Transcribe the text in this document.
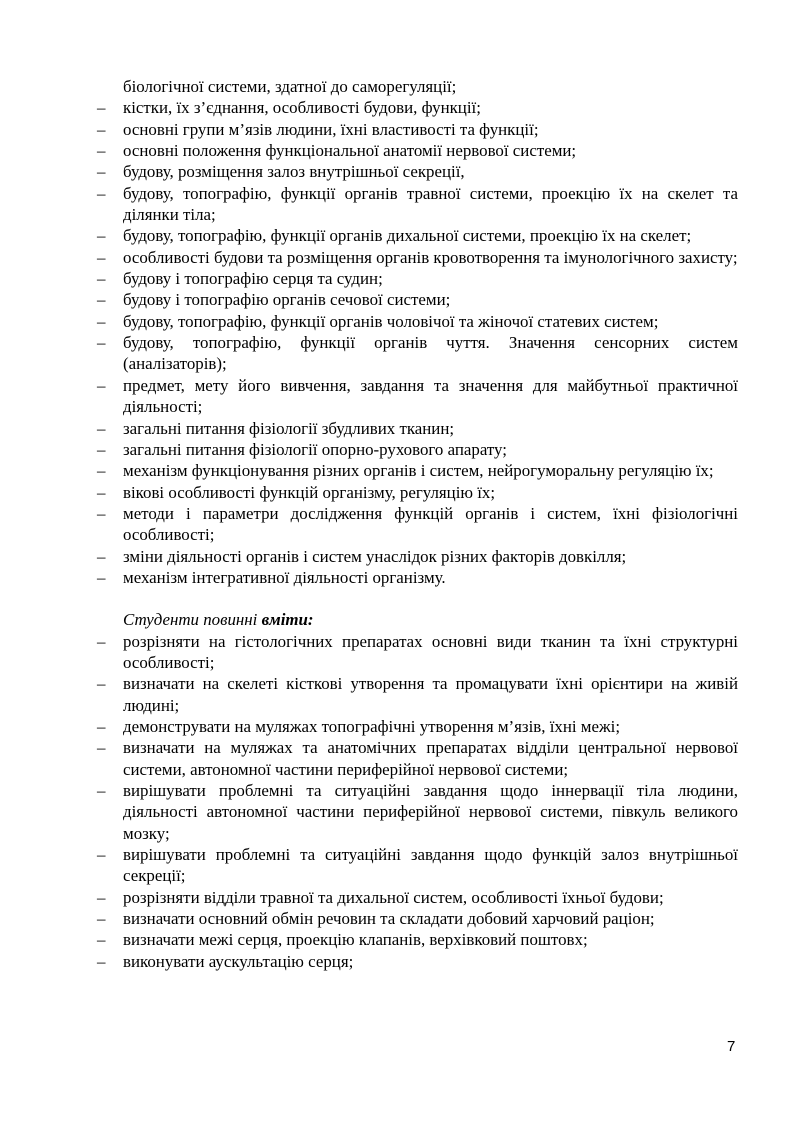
біологічної системи, здатної до саморегуляції;
– кістки, їх з’єднання, особливості будови, функції;
– основні групи м’язів людини, їхні властивості та функції;
– основні положення функціональної анатомії нервової системи;
– будову, розміщення залоз внутрішньої секреції,
– будову, топографію, функції органів травної системи, проекцію їх на скелет та ділянки тіла;
– будову, топографію, функції органів дихальної системи, проекцію їх на скелет;
– особливості будови та розміщення органів кровотворення та імунологічного захисту;
– будову і топографію серця та судин;
– будову і топографію органів сечової системи;
– будову, топографію, функції органів чоловічої та жіночої статевих систем;
– будову, топографію, функції органів чуття. Значення сенсорних систем (аналізаторів);
– предмет, мету його вивчення, завдання та значення для майбутньої практичної діяльності;
– загальні питання фізіології збудливих тканин;
– загальні питання фізіології опорно-рухового апарату;
– механізм функціонування різних органів і систем, нейрогуморальну регуляцію їх;
– вікові особливості функцій організму, регуляцію їх;
– методи і параметри дослідження функцій органів і систем, їхні фізіологічні особливості;
– зміни діяльності органів і систем унаслідок різних факторів довкілля;
– механізм інтегративної діяльності організму.

Студенти повинні вміти:

– розрізняти на гістологічних препаратах основні види тканин та їхні структурні особливості;
– визначати на скелеті кісткові утворення та промацувати їхні орієнтири на живій людині;
– демонструвати на муляжах топографічні утворення м’язів, їхні межі;
– визначати на муляжах та анатомічних препаратах відділи центральної нервової системи, автономної частини периферійної нервової системи;
– вирішувати проблемні та ситуаційні завдання щодо іннервації тіла людини, діяльності автономної частини периферійної нервової системи, півкуль великого мозку;
– вирішувати проблемні та ситуаційні завдання щодо функцій залоз внутрішньої секреції;
– розрізняти відділи травної та дихальної систем, особливості їхньої будови;
– визначати основний обмін речовин та складати добовий харчовий раціон;
– визначати межі серця, проекцію клапанів, верхівковий поштовх;
– виконувати аускультацію серця;
7
